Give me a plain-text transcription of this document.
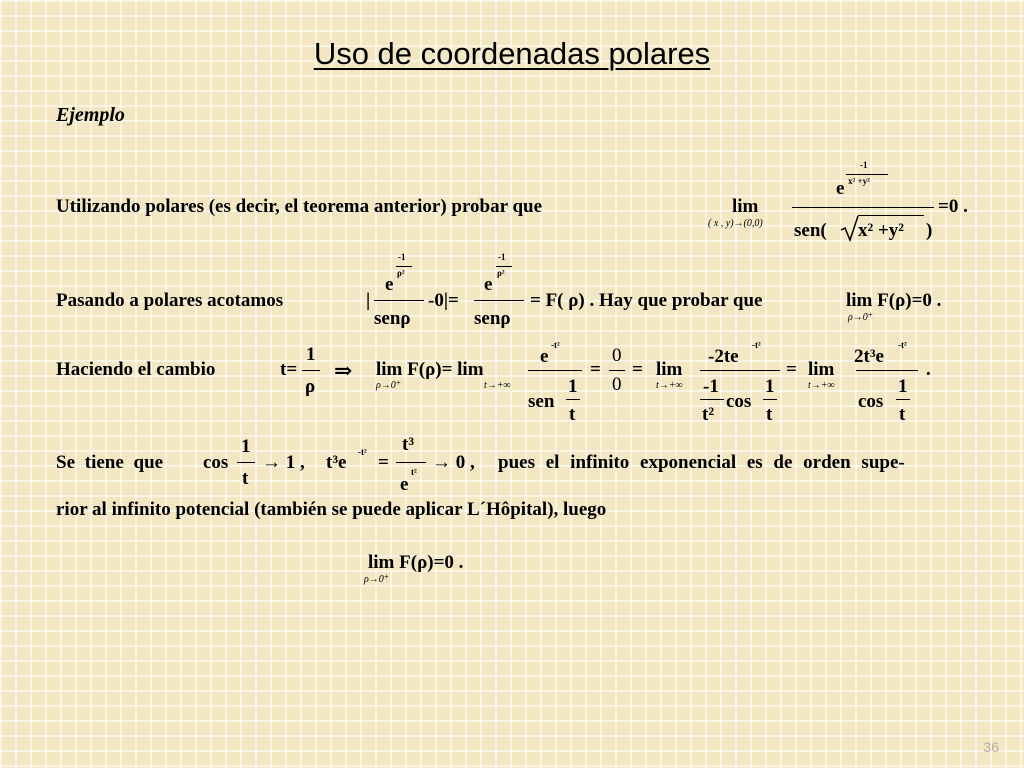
Uso de coordenadas polares
Ejemplo
Utilizando polares (es decir, el teorema anterior) probar que	lim
( x , y)→(0,0)
-1
x² +y²
e
sen( x² +y² )
=0 .
Pasando a polares acotamos	|
-1
ρ²
e
senρ
-0|=
-1
ρ²
e
senρ
= F( ρ) . Hay que probar que	lim F(ρ)=0 .
ρ→0⁺
Haciendo el cambio	t=
1
ρ
⇒ lim F(ρ)= lim
ρ→0⁺	t→+∞
e
-t²
sen
1
t
=
0
0
= lim
t→+∞
-2te
-t²
-1
t²
cos
1
t
= lim
t→+∞
2t³e
-t²
cos
1
t
.
Se tiene que cos
1
t
→ 1 , t³e -t² =
t³
e
t² → 0 , pues el infinito exponencial es de orden supe-
rior al infinito potencial (también se puede aplicar L´Hôpital), luego
lim F(ρ)=0 .
ρ→0⁺
36
